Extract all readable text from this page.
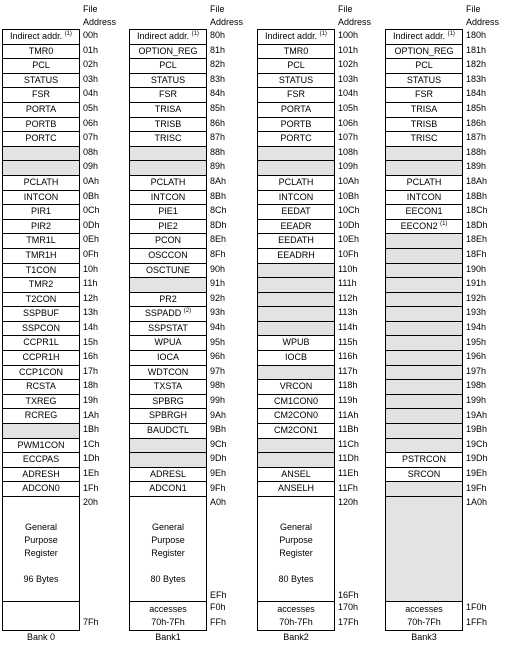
File
Address
Indirect addr. $^{(1)}$
TMR0
PCL
STATUS
FSR
PORTA
PORTB
PORTC
PCLATH
INTCON
PIR1
PIR2
TMR1L
TMR1H
T1CON
TMR2
T2CON
SSPBUF
SSPCON
CCPR1L
CCPR1H
CCP1CON
RCSTA
TXREG
RCREG
PWM1CON
ECCPAS
ADRESH
ADCON0
General
Purpose
Register
96 Bytes
00h
01h
02h
03h
04h
05h
06h
07h
08h
09h
0Ah
0Bh
0Ch
0Dh
0Eh
0Fh
10h
11h
12h
13h
14h
15h
16h
17h
18h
19h
1Ah
1Bh
1Ch
1Dh
1Eh
1Fh
20h
7Fh
Bank 0
File
Address
Indirect addr. $^{(1)}$
OPTION_REG
PCL
STATUS
FSR
TRISA
TRISB
TRISC
PCLATH
INTCON
PIE1
PIE2
PCON
OSCCON
OSCTUNE
PR2
SSPADD $^{(2)}$
SSPSTAT
WPUA
IOCA
WDTCON
TXSTA
SPBRG
SPBRGH
BAUDCTL
ADRESL
ADCON1
General
Purpose
Register
80 Bytes
accesses
70h-7Fh
80h
81h
82h
83h
84h
85h
86h
87h
88h
89h
8Ah
8Bh
8Ch
8Dh
8Eh
8Fh
90h
91h
92h
93h
94h
95h
96h
97h
98h
99h
9Ah
9Bh
9Ch
9Dh
9Eh
9Fh
A0h
EFh
F0h
FFh
Bank1
File
Address
Indirect addr. $^{(1)}$
TMR0
PCL
STATUS
FSR
PORTA
PORTB
PORTC
PCLATH
INTCON
EEDAT
EEADR
EEDATH
EEADRH
WPUB
IOCB
VRCON
CM1CON0
CM2CON0
CM2CON1
ANSEL
ANSELH
General
Purpose
Register
80 Bytes
accesses
70h-7Fh
100h
101h
102h
103h
104h
105h
106h
107h
108h
109h
10Ah
10Bh
10Ch
10Dh
10Eh
10Fh
110h
111h
112h
113h
114h
115h
116h
117h
118h
119h
11Ah
11Bh
11Ch
11Dh
11Eh
11Fh
120h
16Fh
170h
17Fh
Bank2
File
Address
Indirect addr. $^{(1)}$
OPTION_REG
PCL
STATUS
FSR
TRISA
TRISB
TRISC
PCLATH
INTCON
EECON1
EECON2 $^{(1)}$
PSTRCON
SRCON
accesses
70h-7Fh
180h
181h
182h
183h
184h
185h
186h
187h
188h
189h
18Ah
18Bh
18Ch
18Dh
18Eh
18Fh
190h
191h
192h
193h
194h
195h
196h
197h
198h
199h
19Ah
19Bh
19Ch
19Dh
19Eh
19Fh
1A0h
1F0h
1FFh
Bank3
